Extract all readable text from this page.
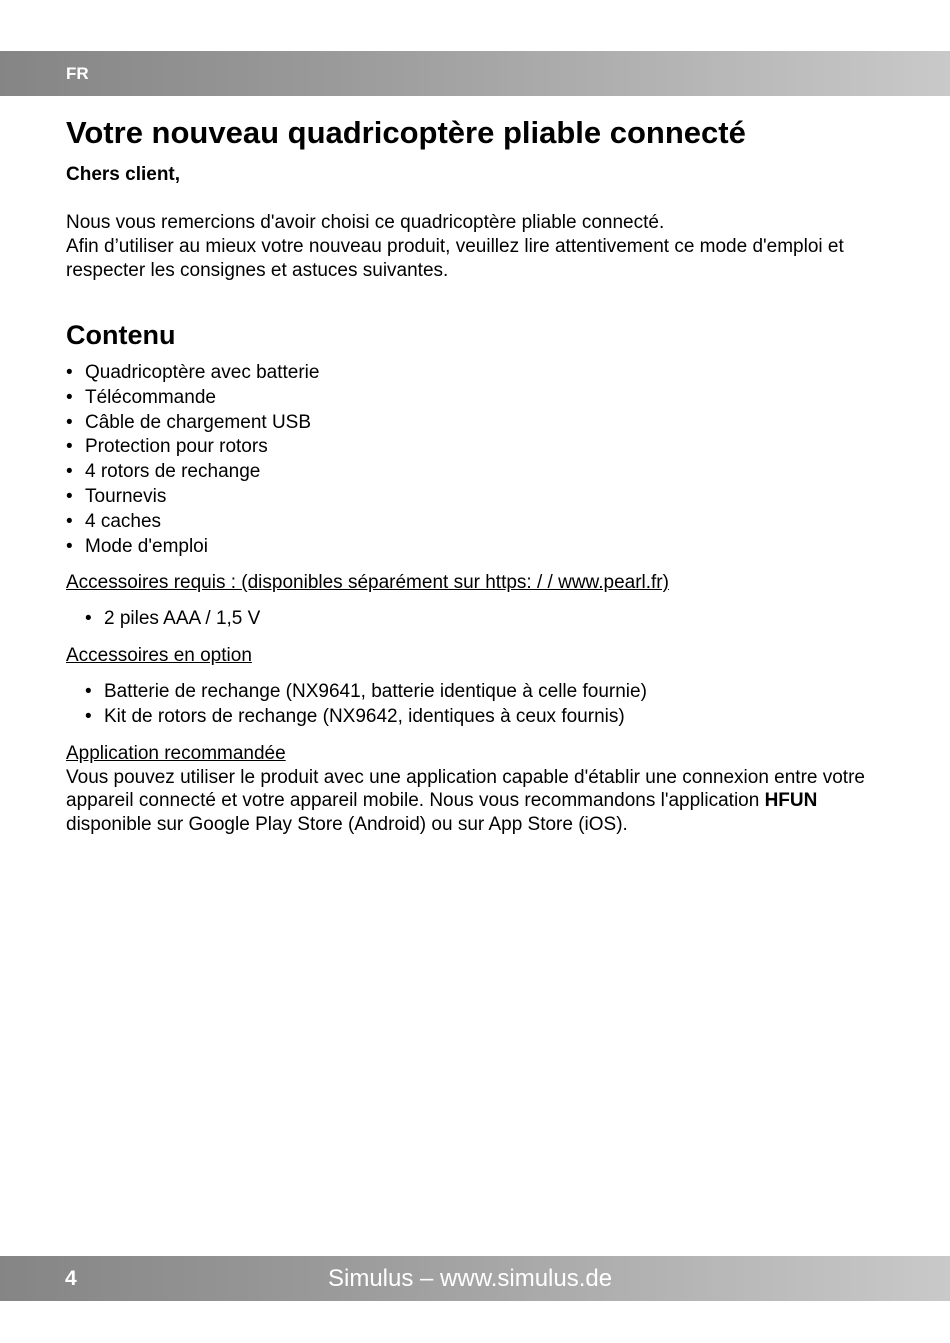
FR
Votre nouveau quadricoptère pliable connecté

Chers client,

Nous vous remercions d'avoir choisi ce quadricoptère pliable connecté.

Afin d’utiliser au mieux votre nouveau produit, veuillez lire attentivement ce mode d'emploi et respecter les consignes et astuces suivantes.

Contenu
• Quadricoptère avec batterie
• Télécommande
• Câble de chargement USB
• Protection pour rotors
• 4 rotors de rechange
• Tournevis
• 4 caches
• Mode d'emploi

Accessoires requis : (disponibles séparément sur https: / / www.pearl.fr)

• 2 piles AAA / 1,5 V

Accessoires en option

• Batterie de rechange (NX9641, batterie identique à celle fournie)
• Kit de rotors de rechange (NX9642, identiques à ceux fournis)

Application recommandée

Vous pouvez utiliser le produit avec une application capable d'établir une connexion entre votre appareil connecté et votre appareil mobile. Nous vous recommandons l'application HFUN disponible sur Google Play Store (Android) ou sur App Store (iOS).

4	Simulus – www.simulus.de
